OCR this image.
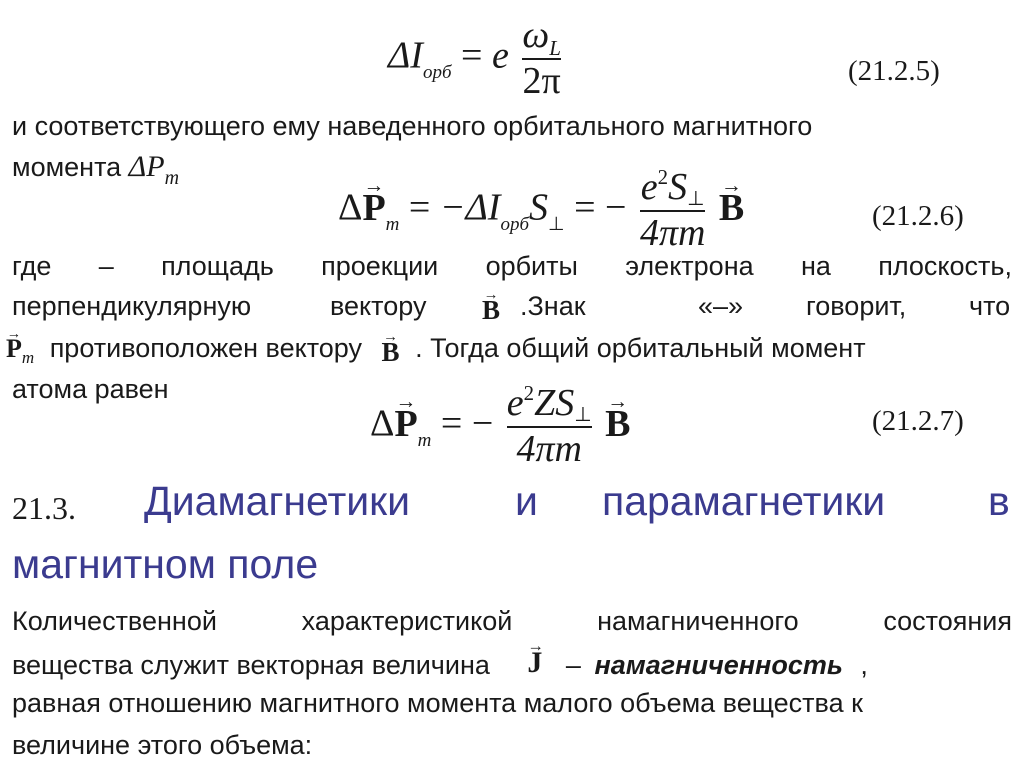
$\Delta I_{орб} = e \frac{\omega_L}{2\pi}$	(21.2.5)
и соответствующего ему наведенного орбитального магнитного
момента $\Delta P_m$
$\Delta\to P_m = -\Delta I_{орб}S_\perp$ = − $\frac{e^2S\perp}{4\pi m}$
→ B	(21.2.6)
где – площадь проекции орбиты электрона на плоскость,
перпендикулярную	вектору
→ B .Знак	«–» говорит, что
→ $P_m$ противоположен вектору → B . Тогда общий орбитальный момент
атома равен
$\Delta\to P_m$ = − $\frac{e^2ZS\perp}{4\pi m}$
→ B	(21.2.7)
21.3. Диамагнетики	и парамагнетики	в
магнитном поле
Количественной	характеристикой	намагниченного	состояния
вещества служит векторная величина → J – намагниченность ,
равная отношению магнитного момента малого объема вещества к
величине этого объема:
